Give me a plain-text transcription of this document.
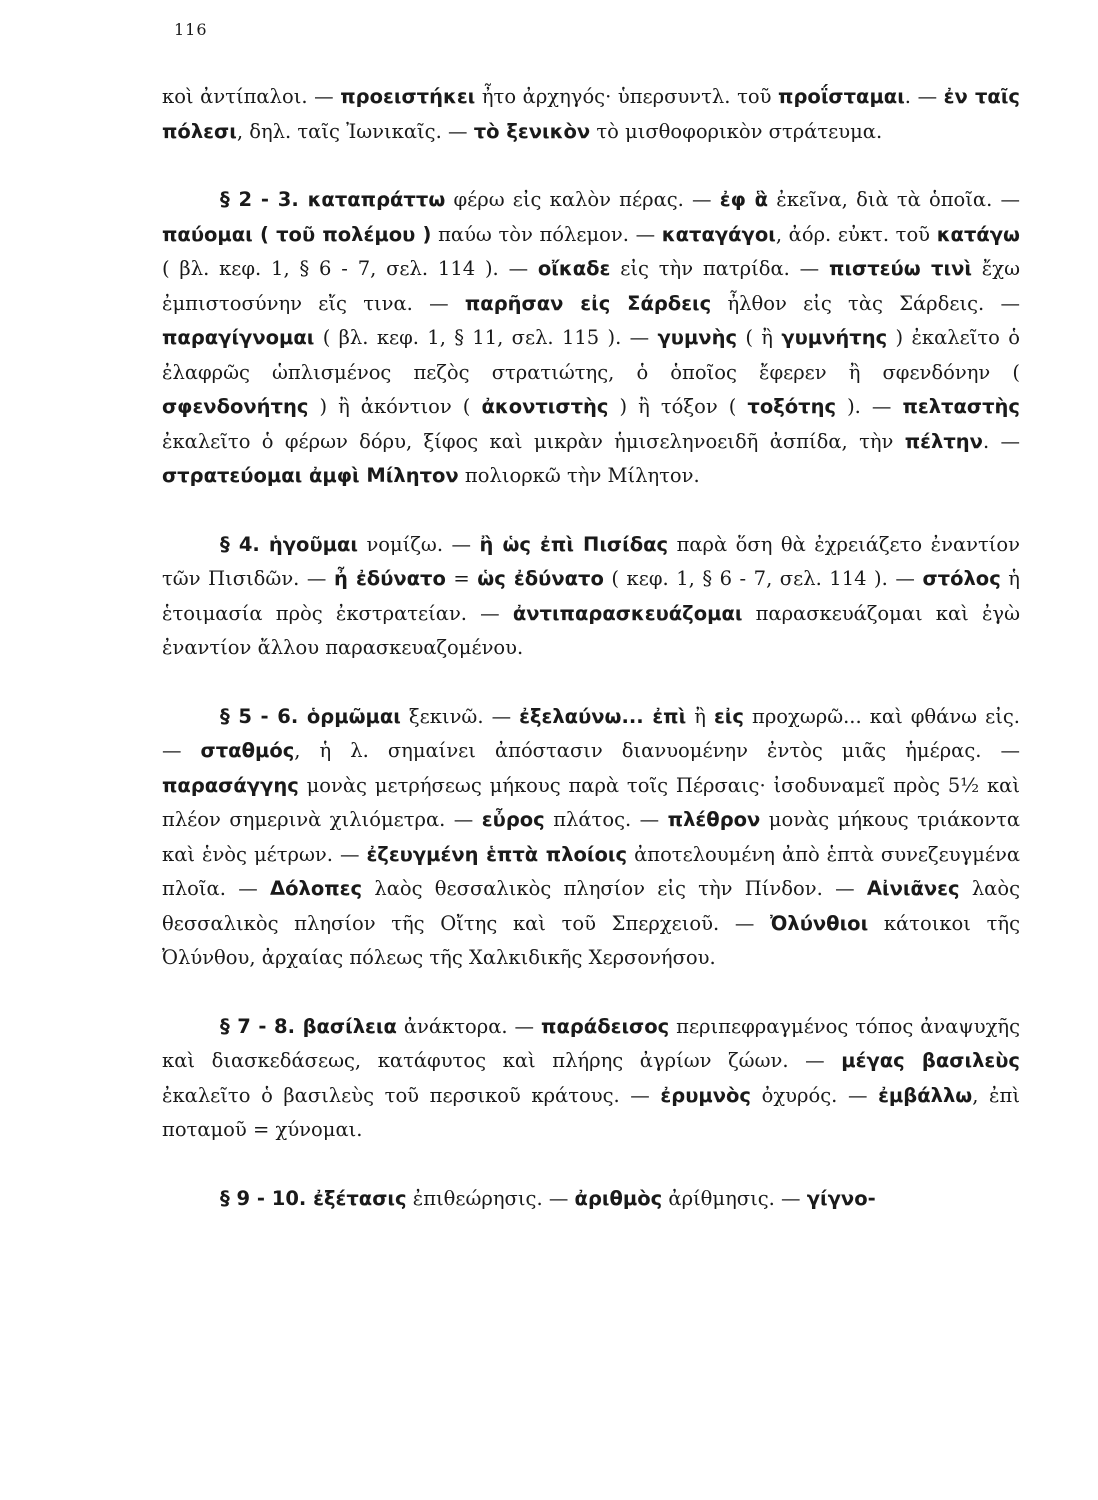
116

κοὶ ἀντίπαλοι. — προειστήκει ἦτο ἀρχηγός· ὑπερσυντλ. τοῦ προΐσταμαι. — ἐν ταῖς πόλεσι, δηλ. ταῖς Ἰωνικαῖς. — τὸ ξενικὸν τὸ μισθοφορικὸν στράτευμα.

§ 2 - 3. καταπράττω φέρω εἰς καλὸν πέρας. — ἐφ ἃ ἐκεῖνα, διὰ τὰ ὁποῖα. — παύομαι ( τοῦ πολέμου ) παύω τὸν πόλεμον. — καταγάγοι, ἀόρ. εὐκτ. τοῦ κατάγω ( βλ. κεφ. 1, § 6 - 7, σελ. 114 ). — οἴκαδε εἰς τὴν πατρίδα. — πιστεύω τινὶ ἔχω ἐμπιστοσύνην εἴς τινα. — παρῆσαν εἰς Σάρδεις ἦλθον εἰς τὰς Σάρδεις. — παραγίγνομαι ( βλ. κεφ. 1, § 11, σελ. 115 ). — γυμνὴς ( ἢ γυμνήτης ) ἐκαλεῖτο ὁ ἐλαφρῶς ὡπλισμένος πεζὸς στρατιώτης, ὁ ὁποῖος ἔφερεν ἢ σφενδόνην ( σφενδονήτης ) ἢ ἀκόντιον ( ἀκοντιστὴς ) ἢ τόξον ( τοξότης ). — πελταστὴς ἐκαλεῖτο ὁ φέρων δόρυ, ξίφος καὶ μικρὰν ἡμισεληνοειδῆ ἀσπίδα, τὴν πέλτην. — στρατεύομαι ἀμφὶ Μίλητον πολιορκῶ τὴν Μίλητον.

§ 4. ἡγοῦμαι νομίζω. — ἢ ὡς ἐπὶ Πισίδας παρὰ ὅση θὰ ἐχρειάζετο ἐναντίον τῶν Πισιδῶν. — ἦ ἐδύνατο = ὡς ἐδύνατο ( κεφ. 1, § 6 - 7, σελ. 114 ). — στόλος ἡ ἑτοιμασία πρὸς ἐκστρατείαν. — ἀντιπαρασκευάζομαι παρασκευάζομαι καὶ ἐγὼ ἐναντίον ἄλλου παρασκευαζομένου.

§ 5 - 6. ὁρμῶμαι ξεκινῶ. — ἐξελαύνω... ἐπὶ ἢ εἰς προχωρῶ... καὶ φθάνω εἰς. — σταθμός, ἡ λ. σημαίνει ἀπόστασιν διανυομένην ἐντὸς μιᾶς ἡμέρας. — παρασάγγης μονὰς μετρήσεως μήκους παρὰ τοῖς Πέρσαις· ἰσοδυναμεῖ πρὸς 5½ καὶ πλέον σημερινὰ χιλιόμετρα. — εὖρος πλάτος. — πλέθρον μονὰς μήκους τριάκοντα καὶ ἑνὸς μέτρων. — ἐζευγμένη ἑπτὰ πλοίοις ἀποτελουμένη ἀπὸ ἑπτὰ συνεζευγμένα πλοῖα. — Δόλοπες λαὸς θεσσαλικὸς πλησίον εἰς τὴν Πίνδον. — Αἰνιᾶνες λαὸς θεσσαλικὸς πλησίον τῆς Οἴτης καὶ τοῦ Σπερχειοῦ. — Ὀλύνθιοι κάτοικοι τῆς Ὀλύνθου, ἀρχαίας πόλεως τῆς Χαλκιδικῆς Χερσονήσου.

§ 7 - 8. βασίλεια ἀνάκτορα. — παράδεισος περιπεφραγμένος τόπος ἀναψυχῆς καὶ διασκεδάσεως, κατάφυτος καὶ πλήρης ἀγρίων ζώων. — μέγας βασιλεὺς ἐκαλεῖτο ὁ βασιλεὺς τοῦ περσικοῦ κράτους. — ἐρυμνὸς ὀχυρός. — ἐμβάλλω, ἐπὶ ποταμοῦ = χύνομαι.

§ 9 - 10. ἐξέτασις ἐπιθεώρησις. — ἀριθμὸς ἀρίθμησις. — γίγνο-
